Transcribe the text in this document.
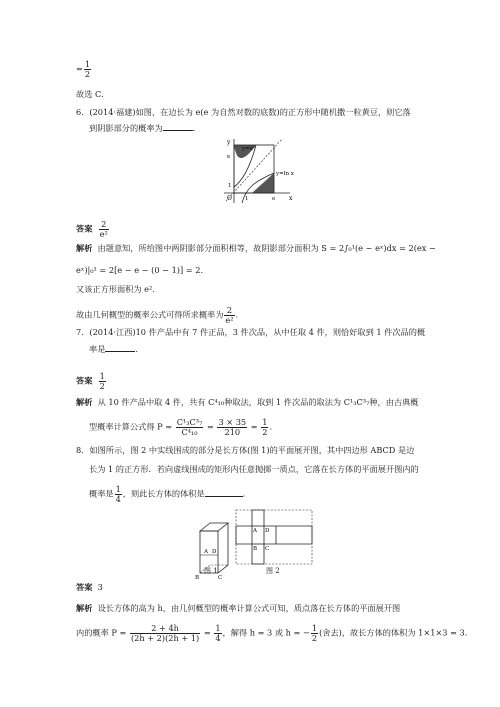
= $\frac{1}{2}$
故选 C.
6．(2014·福建)如图，在边长为 e(e 为自然对数的底数)的正方形中随机撒一粒黄豆，则它落
到阴影部分的概率为	.
y
y=eˣ
y=ln x
e
1
O 1	e x
答案 $\frac{2}{\text{e²}}$
解析 由题意知，所给图中两阴影部分面积相等，故阴影部分面积为 S = 2∫₀¹(e − eˣ)dx = 2(ex −
eˣ)|₀¹ = 2[e − e − (0 − 1)] = 2.
又该正方形面积为 e².
故由几何概型的概率公式可得所求概率为 $\frac{2}{\text{e²}}$ .
7．(2014·江西)10 件产品中有 7 件正品，3 件次品，从中任取 4 件，则恰好取到 1 件次品的概
率是	.
答案 $\frac{1}{2}$
解析 从 10 件产品中取 4 件，共有 C⁴₁₀种取法，取到 1 件次品的取法为 C¹₃C³₇种，由古典概
型概率计算公式得 $P = \frac{\text{C¹₃C³₇}}{\text{C⁴₁₀}} = \frac{3 \times 35}{210} = \frac{1}{2}$ .
8．如图所示，图 2 中实线围成的部分是长方体(图 1)的平面展开图，其中四边形 ABCD 是边
长为 1 的正方形．若向虚线围成的矩形内任意抛掷一质点，它落在长方体的平面展开图内的
概率是 $\frac{1}{4}$ ，则此长方体的体积是	.
A D
B	C
图 1
A D
B C
图 2
答案 3
解析 设长方体的高为 h，由几何概型的概率计算公式可知，质点落在长方体的平面展开图
内的概率 $P = \frac{2 + 4h}{(2h + 2)(2h + 1)} = \frac{1}{4}$ ，解得 h = 3 或 h = − $\frac{1}{2}$ (舍去)，故长方体的体积为 1×1×3 = 3.
